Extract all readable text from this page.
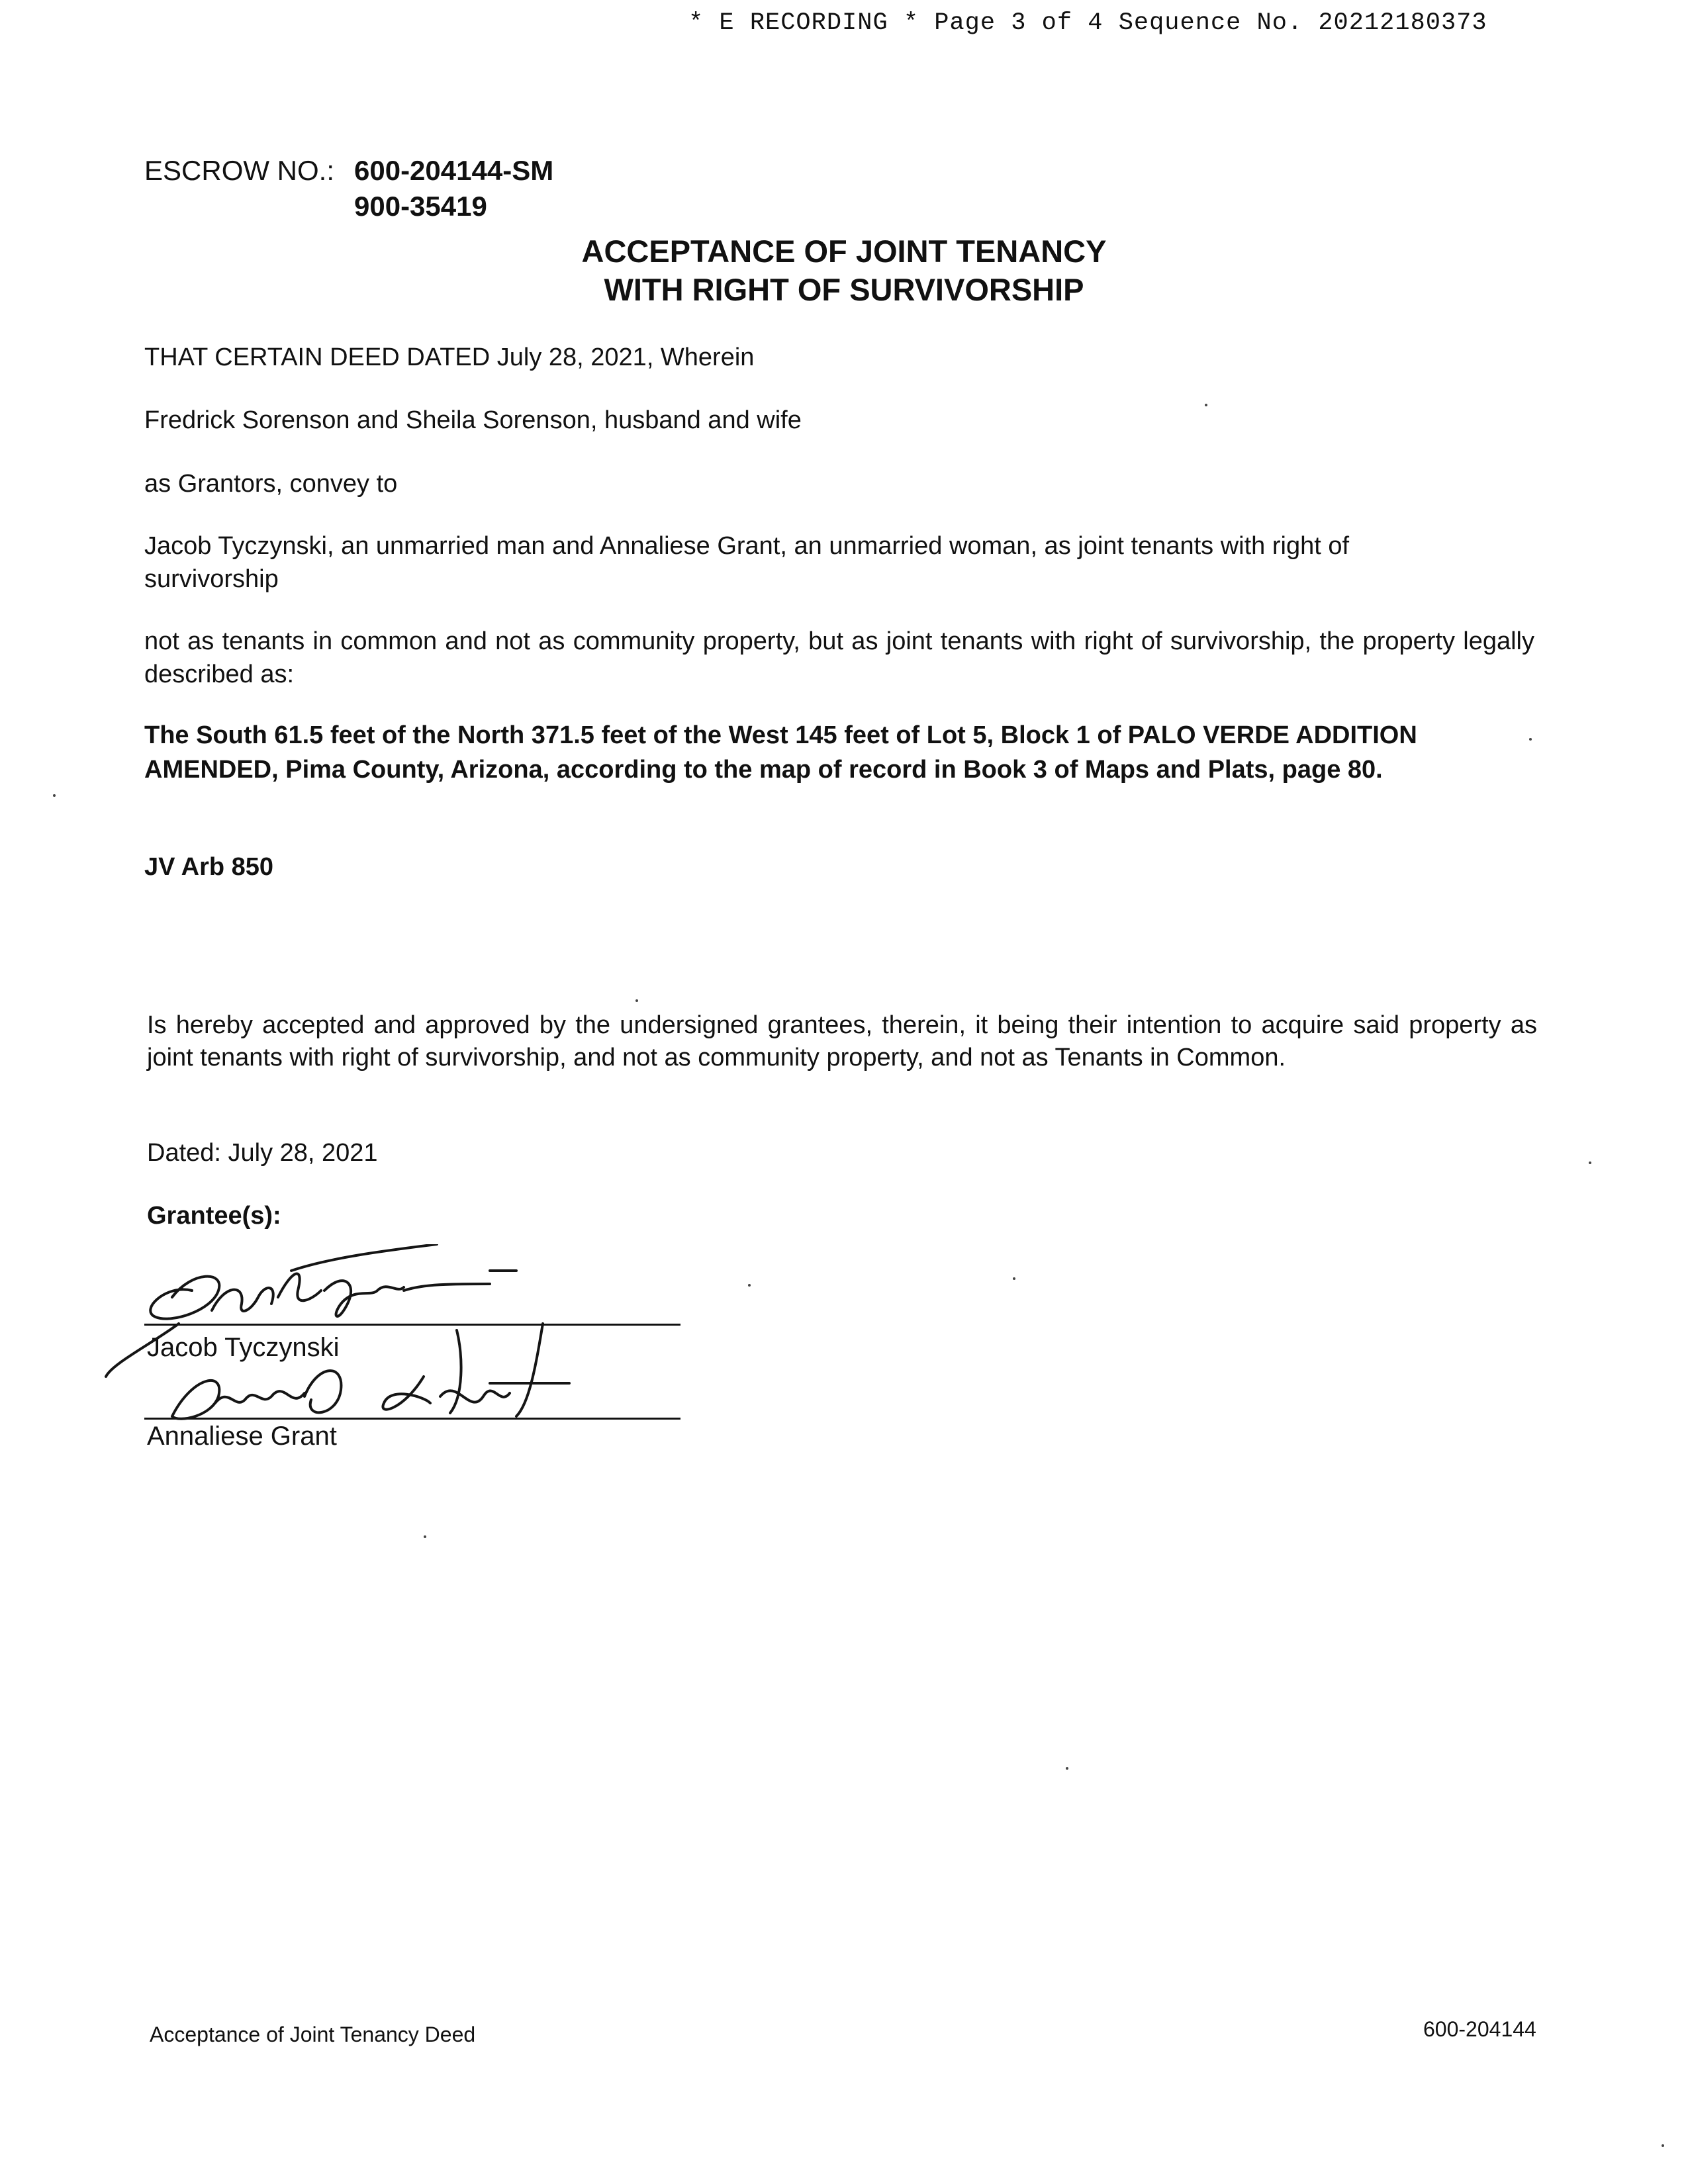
* E RECORDING * Page 3 of 4 Sequence No. 20212180373
ESCROW NO.: 600-204144-SM
900-35419
ACCEPTANCE OF JOINT TENANCY
WITH RIGHT OF SURVIVORSHIP
THAT CERTAIN DEED DATED July 28, 2021, Wherein
Fredrick Sorenson and Sheila Sorenson, husband and wife
as Grantors, convey to
Jacob Tyczynski, an unmarried man and Annaliese Grant, an unmarried woman, as joint tenants with right of survivorship
not as tenants in common and not as community property, but as joint tenants with right of survivorship, the property legally described as:
The South 61.5 feet of the North 371.5 feet of the West 145 feet of Lot 5, Block 1 of PALO VERDE ADDITION AMENDED, Pima County, Arizona, according to the map of record in Book 3 of Maps and Plats, page 80.
JV Arb 850
Is hereby accepted and approved by the undersigned grantees, therein, it being their intention to acquire said property as joint tenants with right of survivorship, and not as community property, and not as Tenants in Common.
Dated: July 28, 2021
Grantee(s):
Jacob Tyczynski
Annaliese Grant
Acceptance of Joint Tenancy Deed	600-204144
